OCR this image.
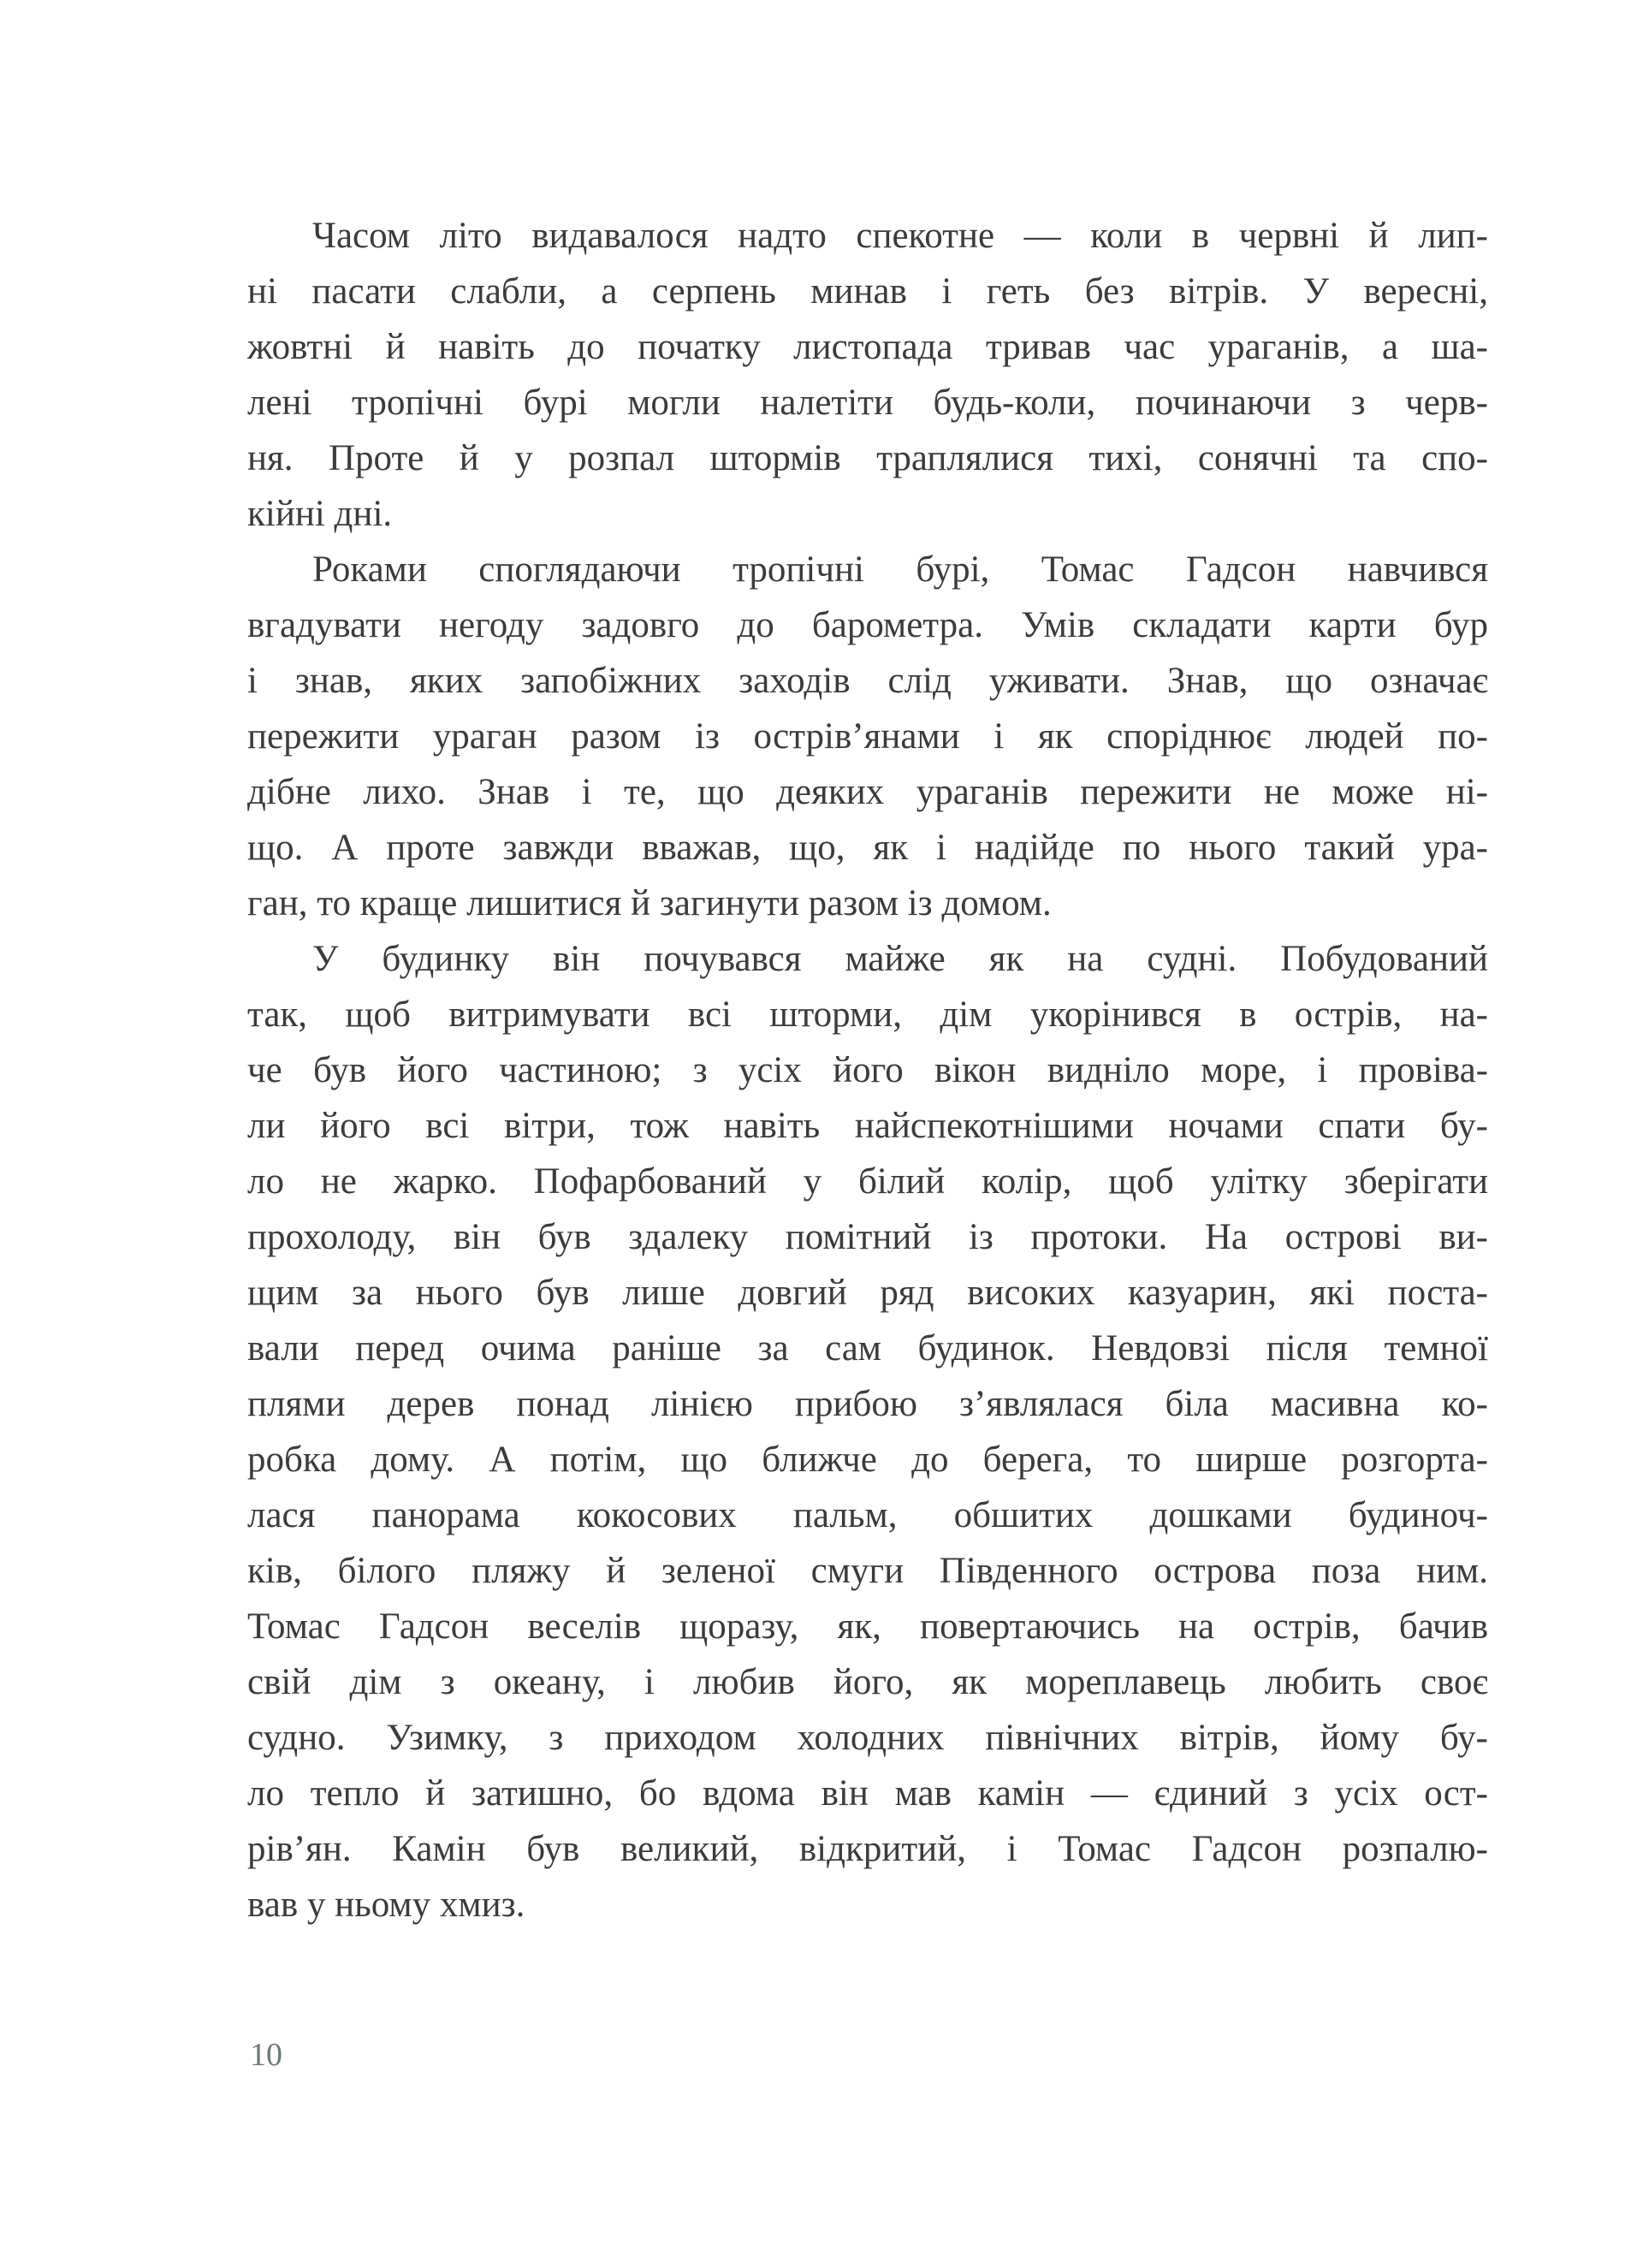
Часом літо видавалося надто спекотне — коли в червні й лип-
ні пасати слабли, а серпень минав і геть без вітрів. У вересні,
жовтні й навіть до початку листопада тривав час ураганів, а ша-
лені тропічні бурі могли налетіти будь-коли, починаючи з черв-
ня. Проте й у розпал штормів траплялися тихі, сонячні та спо-
кійні дні.
Роками споглядаючи тропічні бурі, Томас Гадсон навчився
вгадувати негоду задовго до барометра. Умів складати карти бур
і знав, яких запобіжних заходів слід уживати. Знав, що означає
пережити ураган разом із острів’янами і як споріднює людей по-
дібне лихо. Знав і те, що деяких ураганів пережити не може ні-
що. А проте завжди вважав, що, як і надійде по нього такий ура-
ган, то краще лишитися й загинути разом із домом.
У будинку він почувався майже як на судні. Побудований
так, щоб витримувати всі шторми, дім укорінився в острів, на-
че був його частиною; з усіх його вікон видніло море, і провіва-
ли його всі вітри, тож навіть найспекотнішими ночами спати бу-
ло не жарко. Пофарбований у білий колір, щоб улітку зберігати
прохолоду, він був здалеку помітний із протоки. На острові ви-
щим за нього був лише довгий ряд високих казуарин, які поста-
вали перед очима раніше за сам будинок. Невдовзі після темної
плями дерев понад лінією прибою з’являлася біла масивна ко-
робка дому. А потім, що ближче до берега, то ширше розгорта-
лася панорама кокосових пальм, обшитих дошками будиноч-
ків, білого пляжу й зеленої смуги Південного острова поза ним.
Томас Гадсон веселів щоразу, як, повертаючись на острів, бачив
свій дім з океану, і любив його, як мореплавець любить своє
судно. Узимку, з приходом холодних північних вітрів, йому бу-
ло тепло й затишно, бо вдома він мав камін — єдиний з усіх ост-
рів’ян. Камін був великий, відкритий, і Томас Гадсон розпалю-
вав у ньому хмиз.
10
